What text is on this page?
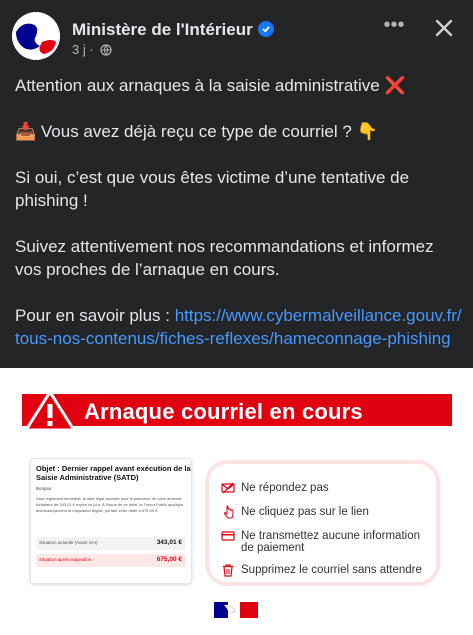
Ministère de l'Intérieur
3 j ·
•••

Attention aux arnaques à la saisie administrative ❌

📥 Vous avez déjà reçu ce type de courriel ? 👇

Si oui, c’est que vous êtes victime d’une tentative de phishing !

Suivez attentivement nos recommandations et informez vos proches de l’arnaque en cours.

Pour en savoir plus : https://www.cybermalveillance.gouv.fr/tous-nos-contenus/fiches-reflexes/hameconnage-phishing

Arnaque courriel en cours
Objet : Dernier rappel avant exécution de la Saisie Administrative (SATD)
Bonjour
Sauf règlement immédiat, la date légal accordé pour le paiement de votre amende forfaitaire de 343,01 € expire ce jour. À l'issue de ce délai, le Trésor Public applique automatiquement la majoration légale, portant votre dette à 675,00 €
Situation actuelle (Avant SAI)	343,01 €
Situation après majoration :	675,00 €
Ne répondez pas
Ne cliquez pas sur le lien
Ne transmettez aucune information de paiement
Supprimez le courriel sans attendre
